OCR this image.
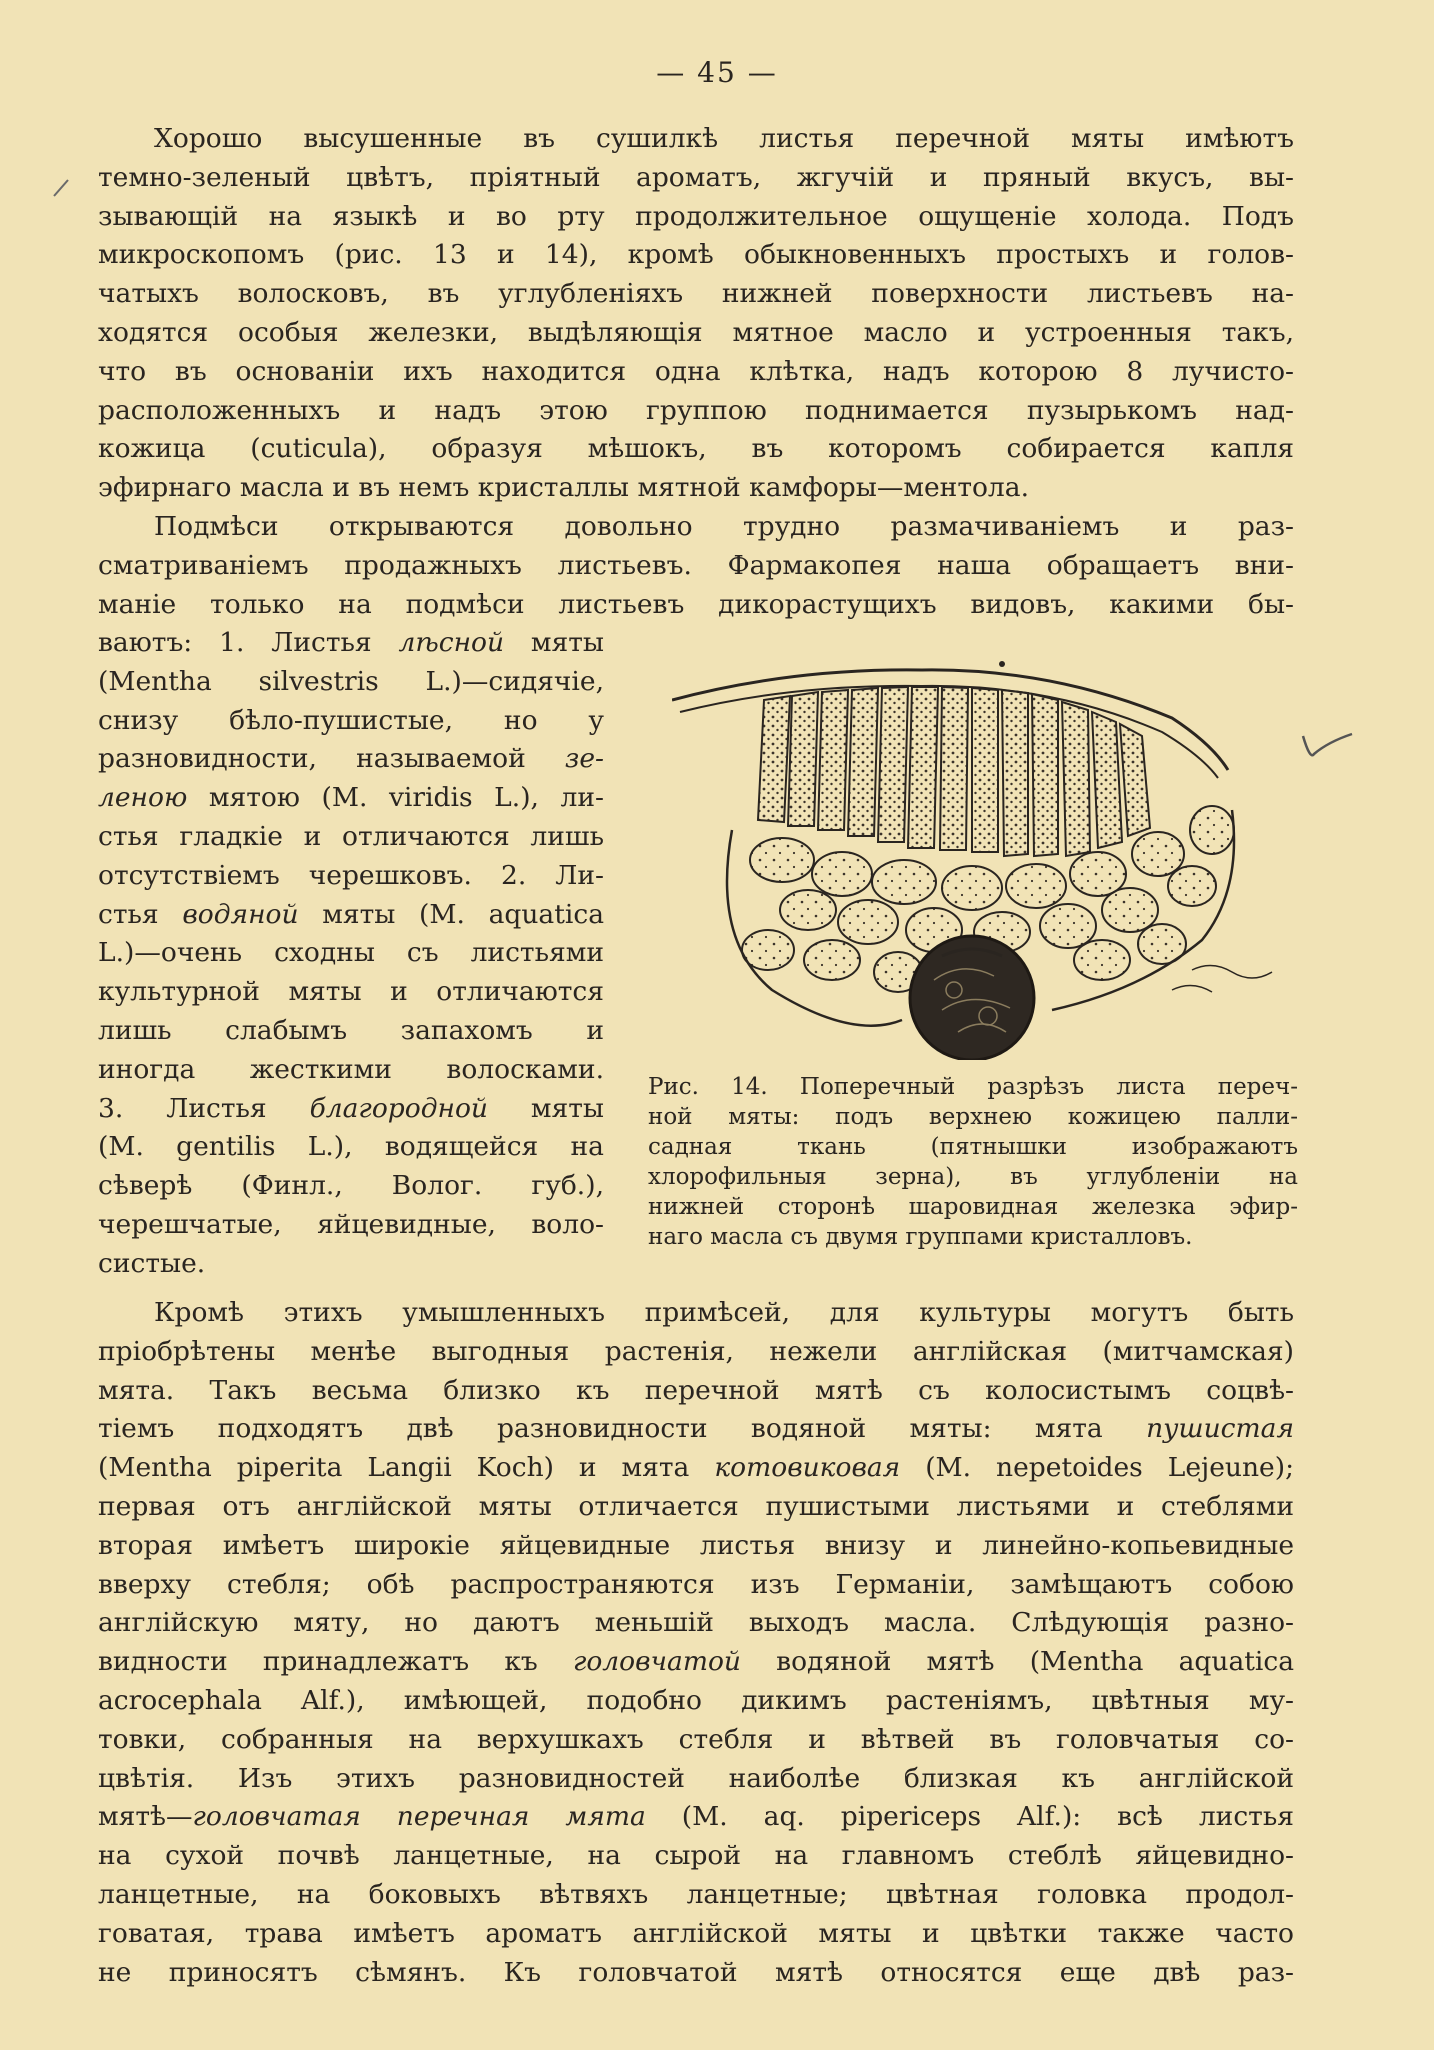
— 45 —
Хорошо высушенные въ сушилкѣ листья перечной мяты имѣютъ
темно-зеленый цвѣтъ, пріятный ароматъ, жгучій и пряный вкусъ, вы-
зывающій на языкѣ и во рту продолжительное ощущеніе холода. Подъ
микроскопомъ (рис. 13 и 14), кромѣ обыкновенныхъ простыхъ и голов-
чатыхъ волосковъ, въ углубленіяхъ нижней поверхности листьевъ на-
ходятся особыя железки, выдѣляющія мятное масло и устроенныя такъ,
что въ основаніи ихъ находится одна клѣтка, надъ которою 8 лучисто-
расположенныхъ и надъ этою группою поднимается пузырькомъ над-
кожица (cuticula), образуя мѣшокъ, въ которомъ собирается капля
эфирнаго масла и въ немъ кристаллы мятной камфоры—ментола.
Подмѣси открываются довольно трудно размачиваніемъ и раз-
сматриваніемъ продажныхъ листьевъ. Фармакопея наша обращаетъ вни-
маніе только на подмѣси листьевъ дикорастущихъ видовъ, какими бы-
ваютъ: 1. Листья лѣсной мяты
(Mentha silvestris L.)—сидячіе,
снизу бѣло-пушистые, но у
разновидности, называемой зе-
леною мятою (M. viridis L.), ли-
стья гладкіе и отличаются лишь
отсутствіемъ черешковъ. 2. Ли-
стья водяной мяты (M. aquatica
L.)—очень сходны съ листьями
культурной мяты и отличаются
лишь слабымъ запахомъ и
иногда жесткими волосками.
3. Листья благородной мяты
(M. gentilis L.), водящейся на
сѣверѣ (Финл., Волог. губ.),
черешчатые, яйцевидные, воло-
систые.
Рис. 14. Поперечный разрѣзъ листа переч-
ной мяты: подъ верхнею кожицею палли-
садная ткань (пятнышки изображаютъ
хлорофильныя зерна), въ углубленіи на
нижней сторонѣ шаровидная железка эфир-
наго масла съ двумя группами кристалловъ.
Кромѣ этихъ умышленныхъ примѣсей, для культуры могутъ быть
пріобрѣтены менѣе выгодныя растенія, нежели англійская (митчамская)
мята. Такъ весьма близко къ перечной мятѣ съ колосистымъ соцвѣ-
тіемъ подходятъ двѣ разновидности водяной мяты: мята пушистая
(Mentha piperita Langii Koch) и мята котовиковая (M. nepetoides Lejeune);
первая отъ англійской мяты отличается пушистыми листьями и стеблями
вторая имѣетъ широкіе яйцевидные листья внизу и линейно-копьевидные
вверху стебля; обѣ распространяются изъ Германіи, замѣщаютъ собою
англійскую мяту, но даютъ меньшій выходъ масла. Слѣдующія разно-
видности принадлежатъ къ головчатой водяной мятѣ (Mentha aquatica
acrocephala Alf.), имѣющей, подобно дикимъ растеніямъ, цвѣтныя му-
товки, собранныя на верхушкахъ стебля и вѣтвей въ головчатыя со-
цвѣтія. Изъ этихъ разновидностей наиболѣе близкая къ англійской
мятѣ—головчатая перечная мята (M. aq. piperiсeps Alf.): всѣ листья
на сухой почвѣ ланцетные, на сырой на главномъ стеблѣ яйцевидно-
ланцетные, на боковыхъ вѣтвяхъ ланцетные; цвѣтная головка продол-
говатая, трава имѣетъ ароматъ англійской мяты и цвѣтки также часто
не приносятъ сѣмянъ. Къ головчатой мятѣ относятся еще двѣ раз-
